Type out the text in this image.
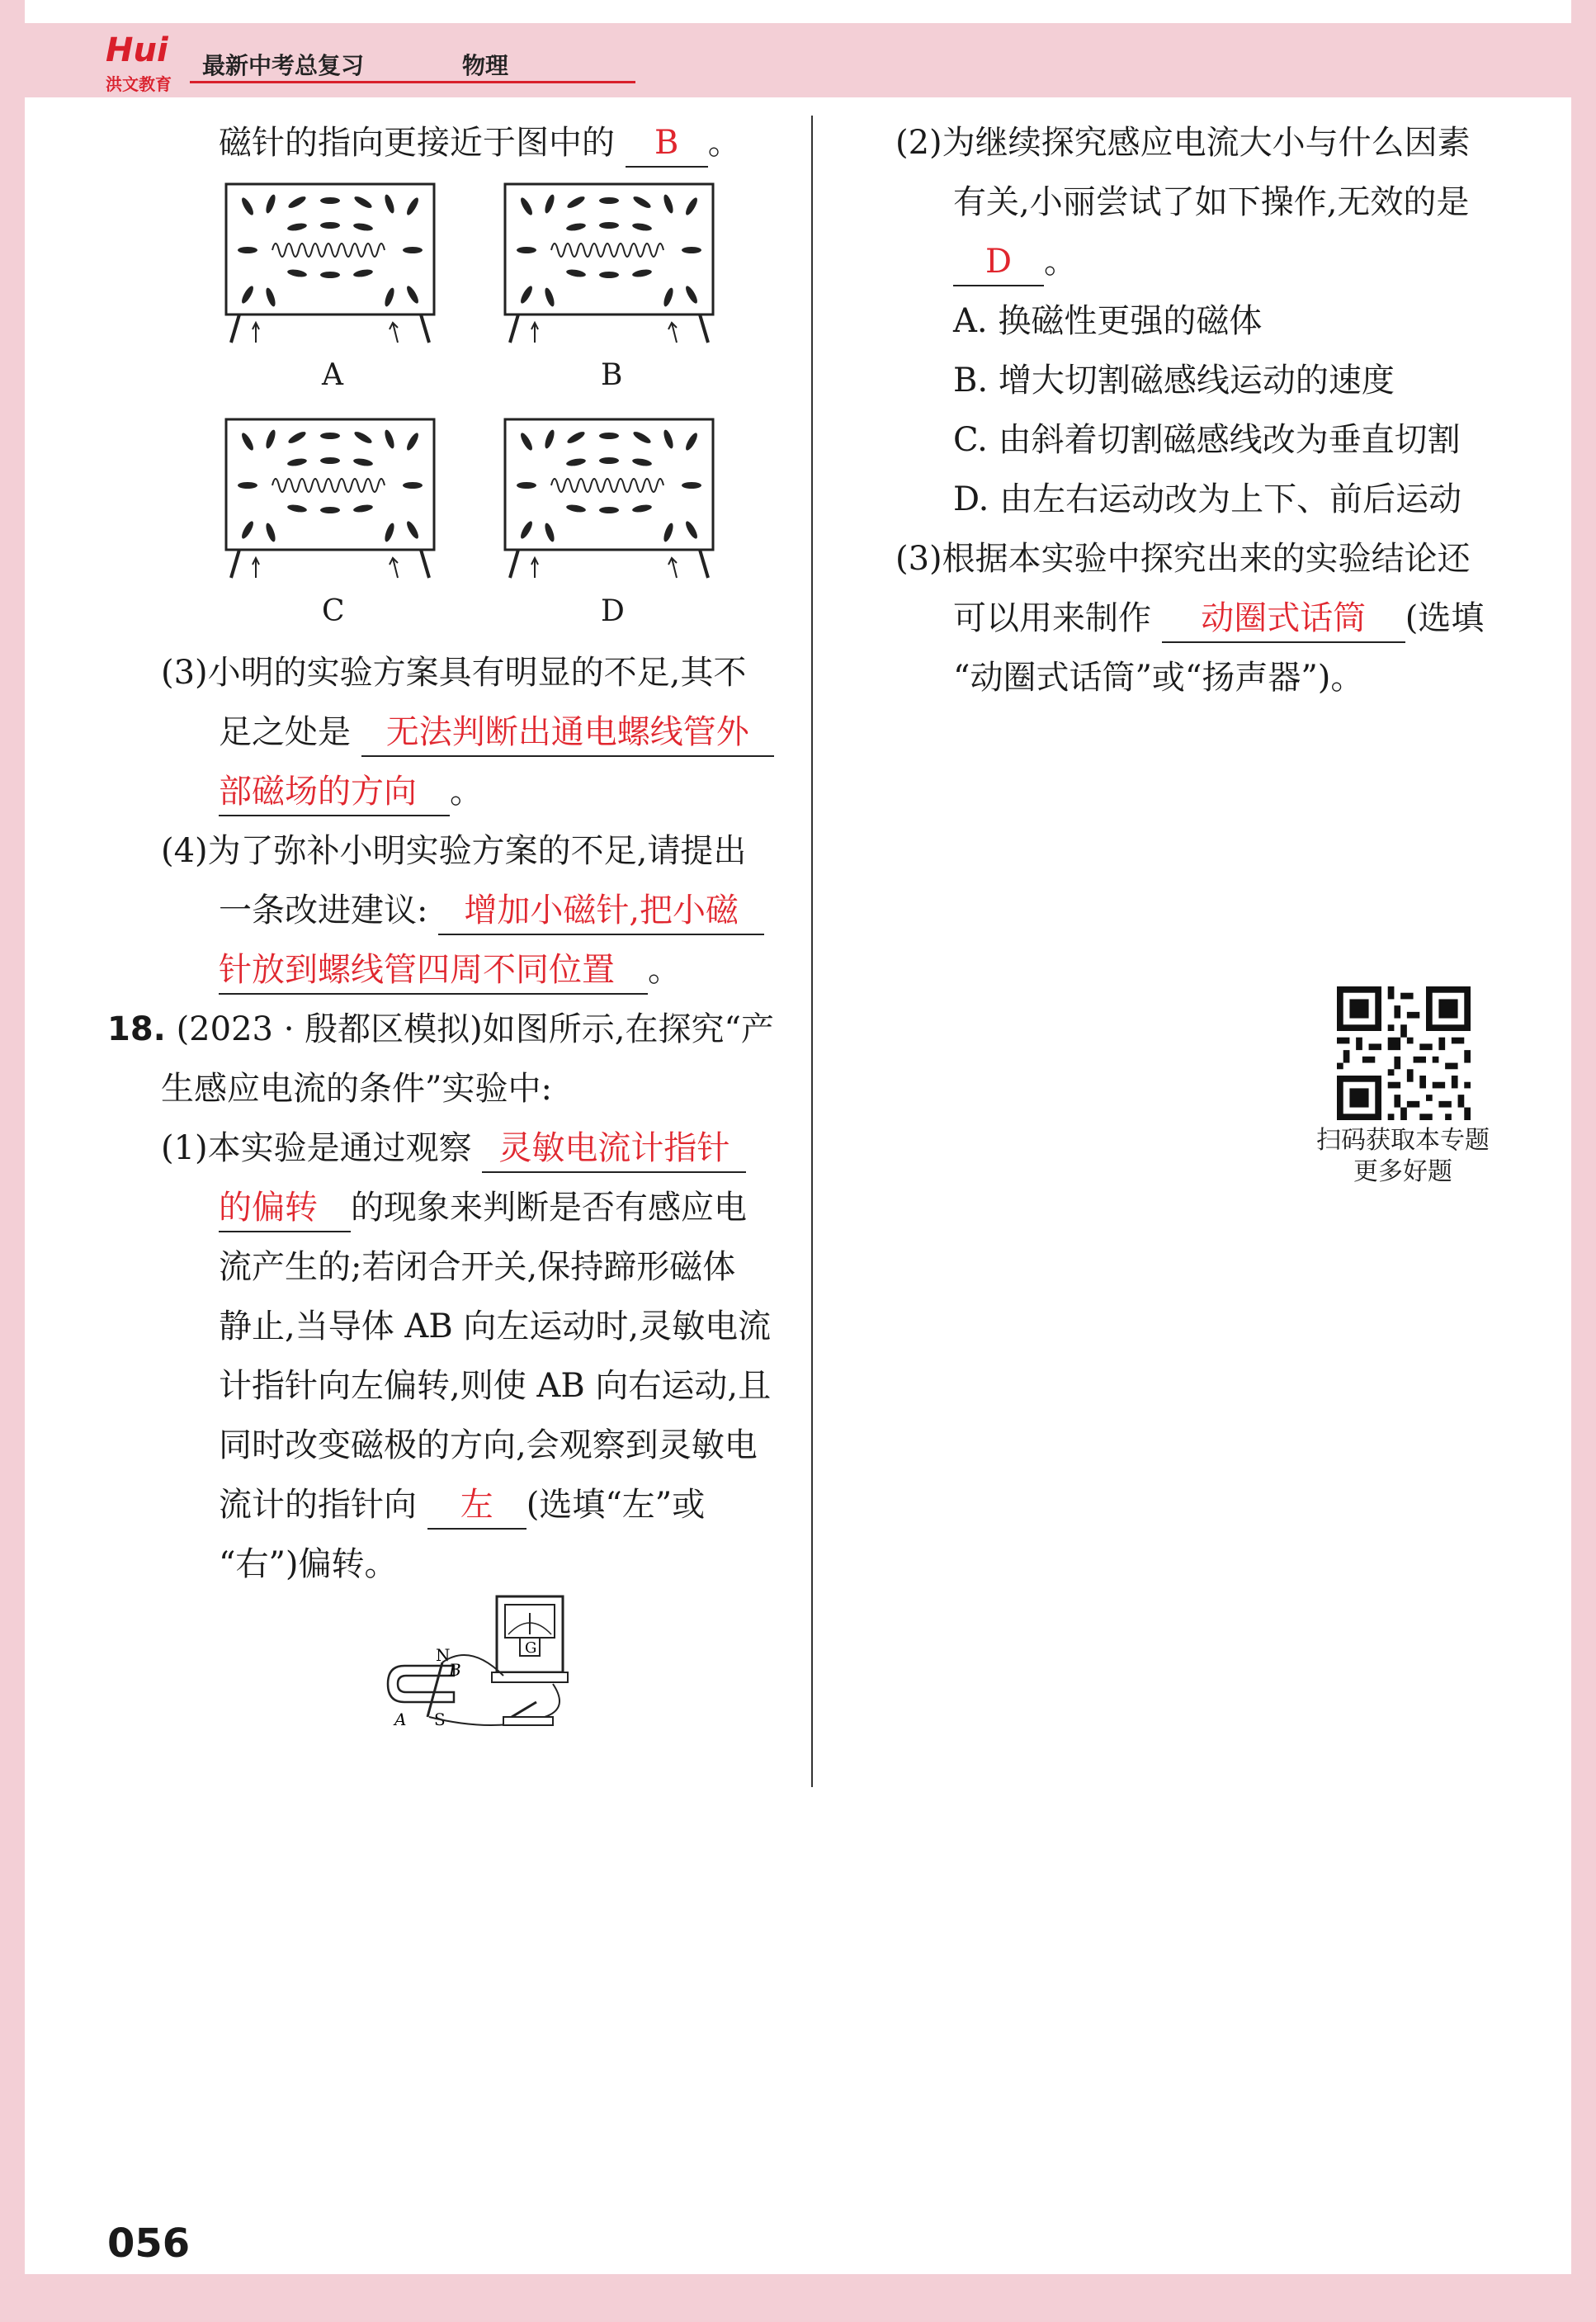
Hui
洪文教育
最新中考总复习	物理
磁针的指向更接近于图中的 B 。
A	B
C	D
(3)小明的实验方案具有明显的不足,其不
足之处是 无法判断出通电螺线管外
部磁场的方向 。
(4)为了弥补小明实验方案的不足,请提出
一条改进建议: 增加小磁针,把小磁
针放到螺线管四周不同位置 。
18. (2023 · 殷都区模拟)如图所示,在探究“产
生感应电流的条件”实验中:
(1)本实验是通过观察 灵敏电流计指针
的偏转 的现象来判断是否有感应电
流产生的;若闭合开关,保持蹄形磁体
静止,当导体 AB 向左运动时,灵敏电流
计指针向左偏转,则使 AB 向右运动,且
同时改变磁极的方向,会观察到灵敏电
流计的指针向 左 (选填“左”或
“右”)偏转。
G
N
B
A S
(2)为继续探究感应电流大小与什么因素
有关,小丽尝试了如下操作,无效的是
D 。
A. 换磁性更强的磁体
B. 增大切割磁感线运动的速度
C. 由斜着切割磁感线改为垂直切割
D. 由左右运动改为上下、前后运动
(3)根据本实验中探究出来的实验结论还
可以用来制作 动圈式话筒 (选填
“动圈式话筒”或“扬声器”)。
扫码获取本专题
更多好题
056
